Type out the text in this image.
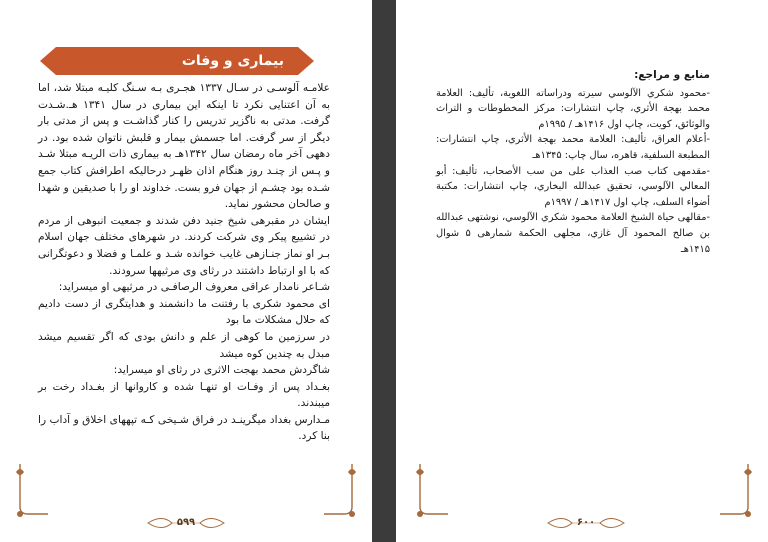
بیماری و وفات

علامـه آلوسـی در سـال ۱۳۳۷ هجـری بـه سـنگ کلیـه مبتلا شد، اما به آن اعتنایی نکرد تا اینکه این بیماری در سال ۱۳۴۱ هـ.شـدت گرفت. مدتی به ناگزیر تدریس را کنار گذاشـت و پس از مدتی بار دیگر از سر گرفت. اما جسمش بیمار و قلبش ناتوان شده بود. در دههی آخر ماه رمضان سال ۱۳۴۲هـ به بیماری ذات الریـه مبتلا شـد و پـس از چنـد روز هنگام اذان ظهـر درحالیکه اطرافش کتاب جمع شـده بود چشـم از جهان فرو بست. خداوند او را با صدیقین و شهدا و صالحان محشور نماید.

ایشان در مقبرهی شیخ جنید دفن شدند و جمعیت انبوهی از مردم در تشییع پیکر وی شرکت کردند. در شهرهای مختلف جهان اسلام بـر او نماز جنـازهی غایب خوانده شـد و علمـا و فضلا و دعوتگرانی که با او ارتباط داشتند در رثای وی مرثیهها سرودند.

شـاعر نامدار عراقی معروف الرصافـی در مرثیهی او میسراید:

ای محمود شکری با رفتنت ما دانشمند و هدایتگری از دست دادیم که حلال مشکلات ما بود

در سرزمین ما کوهی از علم و دانش بودی که اگر تقسیم میشد مبدل به چندین کوه میشد

شاگردش محمد بهجت الاثری در رثای او میسراید:

بغـداد پس از وفـات او تنهـا شده و کاروانها از بغـداد رخت بر میبندند.

مـدارس بغداد میگرینـد در فراق شـیخی کـه تپههای اخلاق و آداب را بنا کرد.

۵۹۹

منابع و مراجع:

-محمود شكري الآلوسي سيرته ودراساته اللغوية، تألیف: العلامة محمد بهجة الأثري، چاپ انتشارات: مركز المخطوطات و التراث والوثائق، کویت، چاپ اول ۱۴۱۶هـ / ۱۹۹۵م

-أعلام العراق، تألیف: العلامة محمد بهجة الأثري، چاپ انتشارات: المطبعة السلفية، قاهره، سال چاپ: ۱۳۴۵هـ

-مقدمهی کتاب صب العذاب على من سب الأصحاب، تألیف: أبو المعالي الآلوسي، تحقیق عبدالله البخاري، چاپ انتشارات: مکتبة أضواء السلف، چاپ اول ۱۴۱۷هـ / ۱۹۹۷م

-مقالهی حیاة الشيخ العلامة محمود شكري الآلوسي، نوشتهی عبدالله بن صالح المحمود آل غازي، مجلهی الحکمة شمارهی ۵ شوال ۱۴۱۵هـ

۶۰۰
